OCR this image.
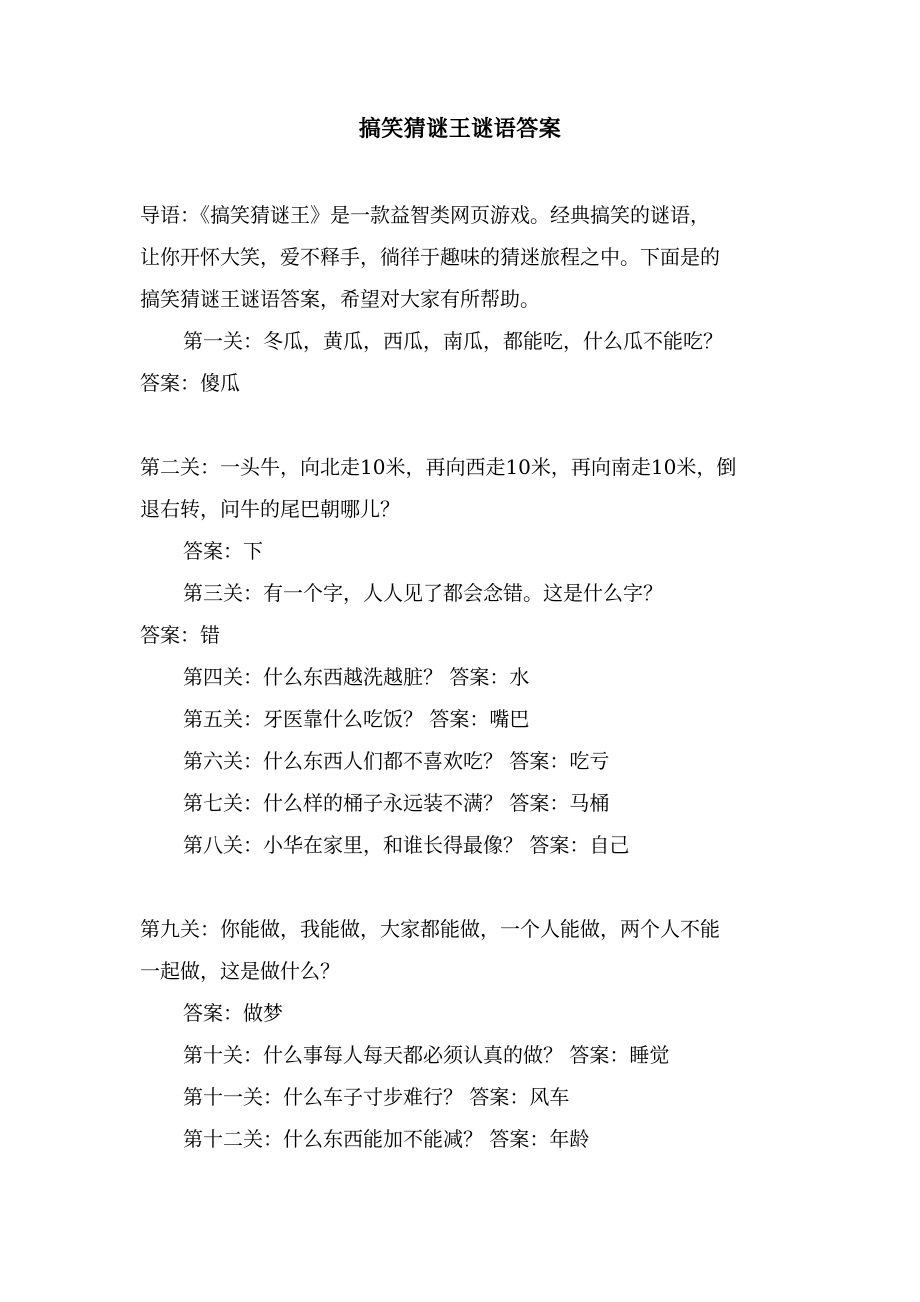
搞笑猜谜王谜语答案
导语：《搞笑猜谜王》是一款益智类网页游戏。经典搞笑的谜语，
让你开怀大笑，爱不释手，徜徉于趣味的猜迷旅程之中。下面是的
搞笑猜谜王谜语答案，希望对大家有所帮助。
第一关：冬瓜，黄瓜，西瓜，南瓜，都能吃，什么瓜不能吃？
答案：傻瓜
第二关：一头牛，向北走10米，再向西走10米，再向南走10米，倒
退右转，问牛的尾巴朝哪儿？
答案：下
第三关：有一个字，人人见了都会念错。这是什么字？
答案：错
第四关：什么东西越洗越脏？ 答案：水
第五关：牙医靠什么吃饭？ 答案：嘴巴
第六关：什么东西人们都不喜欢吃？ 答案：吃亏
第七关：什么样的桶子永远装不满？ 答案：马桶
第八关：小华在家里，和谁长得最像？ 答案：自己
第九关：你能做，我能做，大家都能做，一个人能做，两个人不能
一起做，这是做什么？
答案：做梦
第十关：什么事每人每天都必须认真的做？ 答案：睡觉
第十一关：什么车子寸步难行？ 答案：风车
第十二关：什么东西能加不能减？ 答案：年龄
